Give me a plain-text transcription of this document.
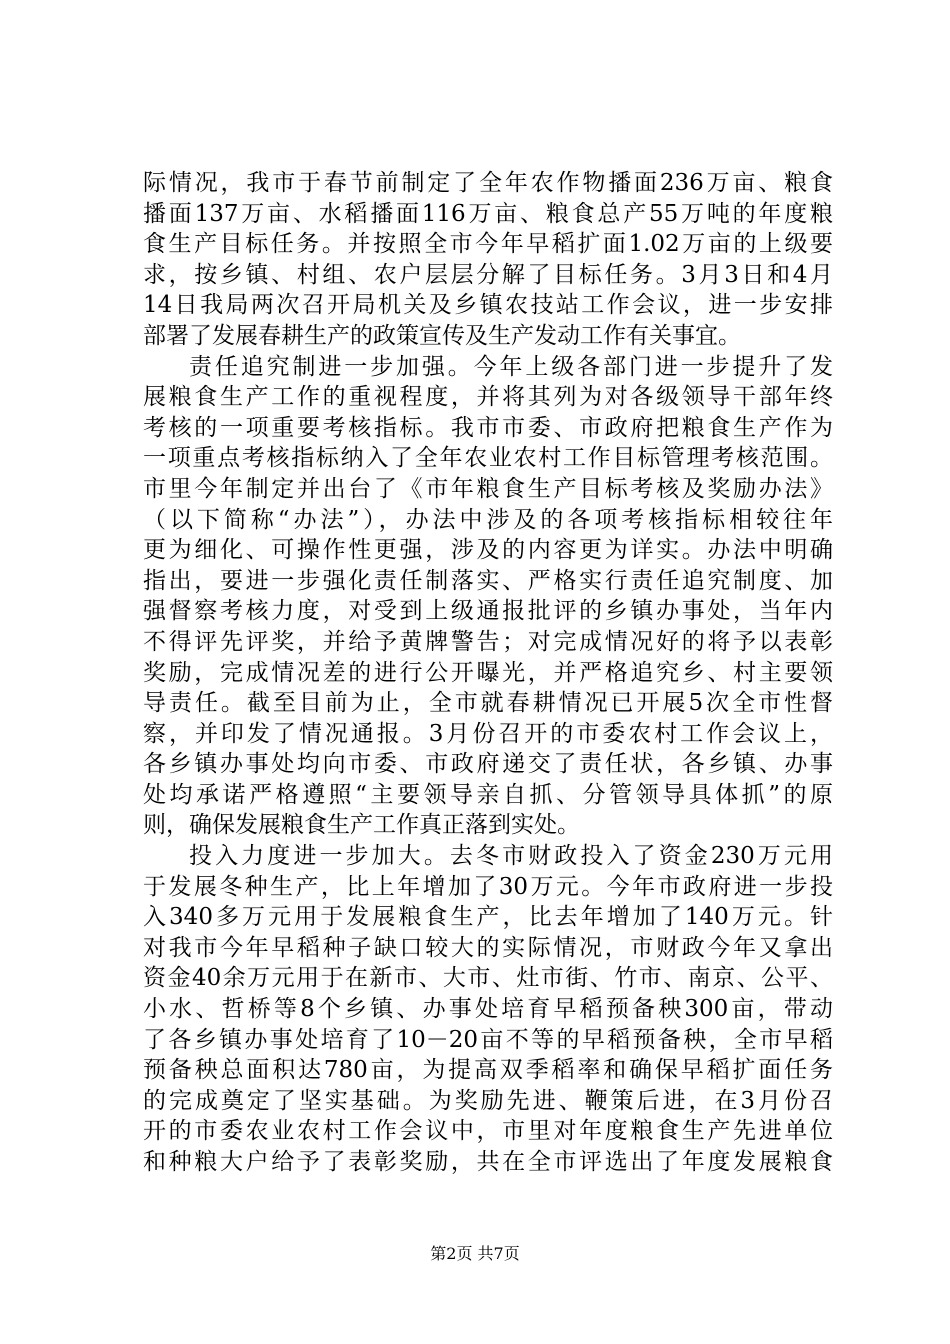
际情况，我市于春节前制定了全年农作物播面236万亩、粮食
播面137万亩、水稻播面116万亩、粮食总产55万吨的年度粮
食生产目标任务。并按照全市今年早稻扩面1.02万亩的上级要
求，按乡镇、村组、农户层层分解了目标任务。3月3日和4月
14日我局两次召开局机关及乡镇农技站工作会议，进一步安排
部署了发展春耕生产的政策宣传及生产发动工作有关事宜。
责任追究制进一步加强。今年上级各部门进一步提升了发
展粮食生产工作的重视程度，并将其列为对各级领导干部年终
考核的一项重要考核指标。我市市委、市政府把粮食生产作为
一项重点考核指标纳入了全年农业农村工作目标管理考核范围。
市里今年制定并出台了《市年粮食生产目标考核及奖励办法》
（以下简称“办法”），办法中涉及的各项考核指标相较往年
更为细化、可操作性更强，涉及的内容更为详实。办法中明确
指出，要进一步强化责任制落实、严格实行责任追究制度、加
强督察考核力度，对受到上级通报批评的乡镇办事处，当年内
不得评先评奖，并给予黄牌警告；对完成情况好的将予以表彰
奖励，完成情况差的进行公开曝光，并严格追究乡、村主要领
导责任。截至目前为止，全市就春耕情况已开展5次全市性督
察，并印发了情况通报。3月份召开的市委农村工作会议上，
各乡镇办事处均向市委、市政府递交了责任状，各乡镇、办事
处均承诺严格遵照“主要领导亲自抓、分管领导具体抓”的原
则，确保发展粮食生产工作真正落到实处。
投入力度进一步加大。去冬市财政投入了资金230万元用
于发展冬种生产，比上年增加了30万元。今年市政府进一步投
入340多万元用于发展粮食生产，比去年增加了140万元。针
对我市今年早稻种子缺口较大的实际情况，市财政今年又拿出
资金40余万元用于在新市、大市、灶市街、竹市、南京、公平、
小水、哲桥等8个乡镇、办事处培育早稻预备秧300亩，带动
了各乡镇办事处培育了10－20亩不等的早稻预备秧，全市早稻
预备秧总面积达780亩，为提高双季稻率和确保早稻扩面任务
的完成奠定了坚实基础。为奖励先进、鞭策后进，在3月份召
开的市委农业农村工作会议中，市里对年度粮食生产先进单位
和种粮大户给予了表彰奖励，共在全市评选出了年度发展粮食
第2页 共7页
